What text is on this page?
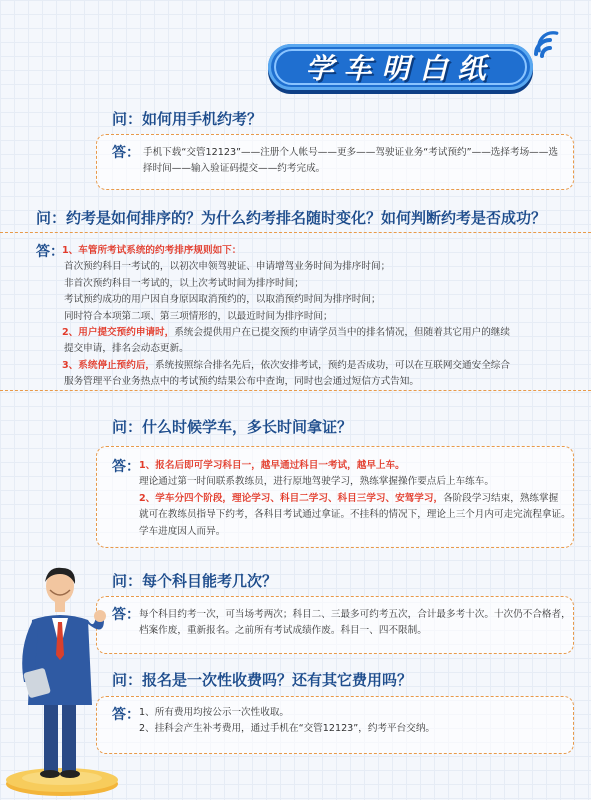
学车明白纸
问：如何用手机约考？
答： 手机下载“交管12123”——注册个人帐号——更多——驾驶证业务“考试预约”——选择考场——选
择时间——输入验证码提交——约考完成。
问：约考是如何排序的？为什么约考排名随时变化？如何判断约考是否成功？
答：
1、车管所考试系统的约考排序规则如下：
首次预约科目一考试的，以初次申领驾驶证、申请增驾业务时间为排序时间；
非首次预约科目一考试的，以上次考试时间为排序时间；
考试预约成功的用户因自身原因取消预约的，以取消预约时间为排序时间；
同时符合本项第二项、第三项情形的，以最近时间为排序时间；
2、用户提交预约申请时，系统会提供用户在已提交预约申请学员当中的排名情况，但随着其它用户的继续
提交申请，排名会动态更新。
3、系统停止预约后，系统按照综合排名先后，依次安排考试，预约是否成功，可以在互联网交通安全综合
服务管理平台业务热点中的考试预约结果公布中查询，同时也会通过短信方式告知。
问：什么时候学车，多长时间拿证？
答： 1、报名后即可学习科目一，越早通过科目一考试，越早上车。
理论通过第一时间联系教练员，进行原地驾驶学习，熟练掌握操作要点后上车练车。
2、学车分四个阶段，理论学习、科目二学习、科目三学习、安驾学习，各阶段学习结束，熟练掌握
就可在教练员指导下约考，各科目考试通过拿证。不挂科的情况下，理论上三个月内可走完流程拿证。
学车进度因人而异。
问：每个科目能考几次？
答： 每个科目约考一次，可当场考两次；科目二、三最多可约考五次，合计最多考十次。十次仍不合格者，
档案作废，重新报名。之前所有考试成绩作废。科目一、四不限制。
问：报名是一次性收费吗？还有其它费用吗？
答： 1、所有费用均按公示一次性收取。
2、挂科会产生补考费用，通过手机在“交管12123”，约考平台交纳。
